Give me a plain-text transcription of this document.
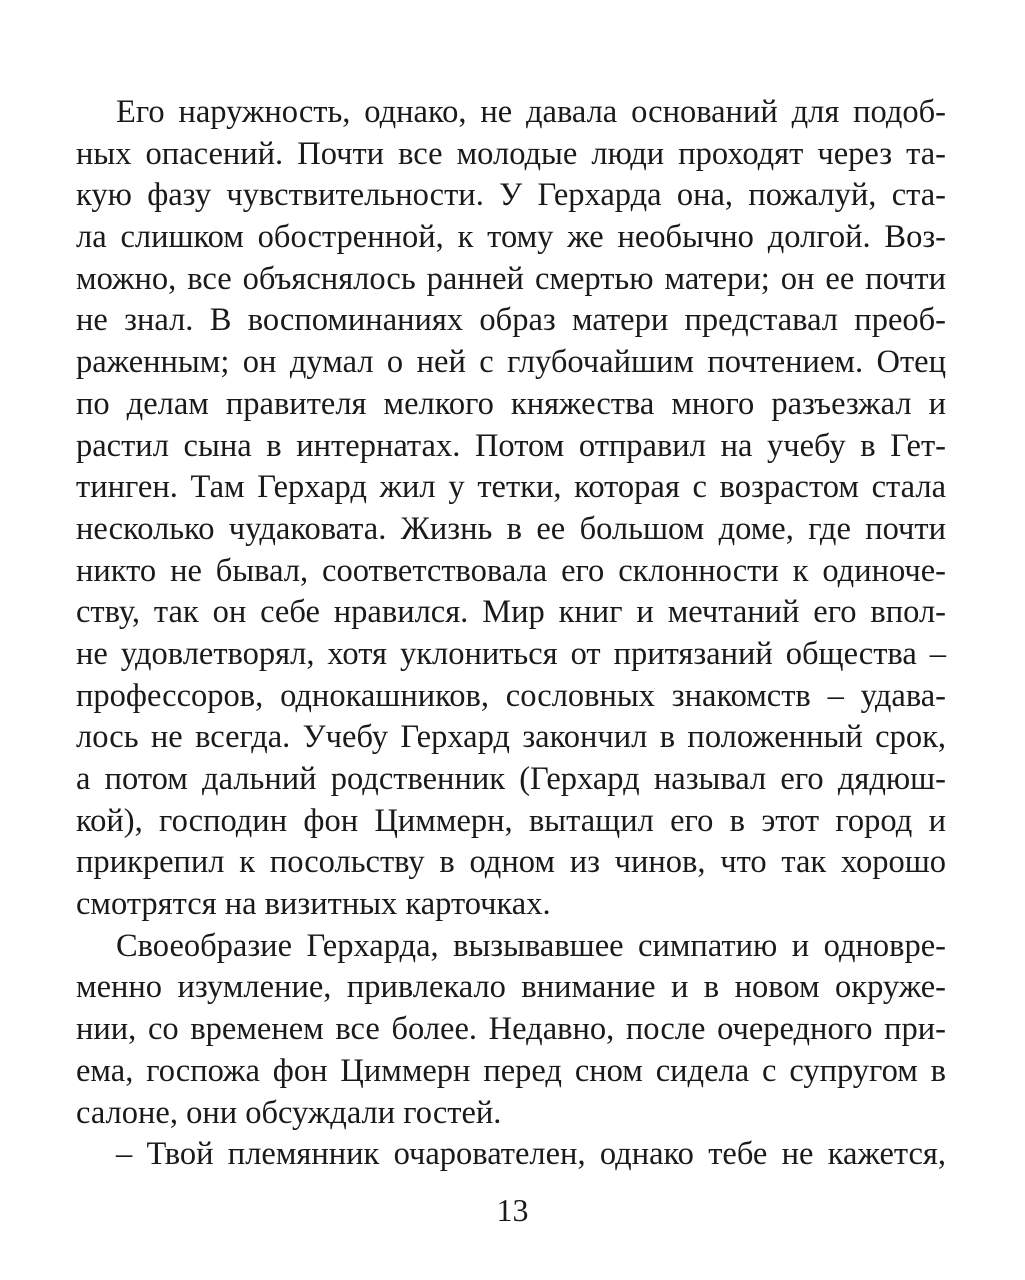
Его наружность, однако, не давала оснований для подоб-
ных опасений. Почти все молодые люди проходят через та-
кую фазу чувствительности. У Герхарда она, пожалуй, ста-
ла слишком обостренной, к тому же необычно долгой. Воз-
можно, все объяснялось ранней смертью матери; он ее почти
не знал. В воспоминаниях образ матери представал преоб-
раженным; он думал о ней с глубочайшим почтением. Отец
по делам правителя мелкого княжества много разъезжал и
растил сына в интернатах. Потом отправил на учебу в Гет-
тинген. Там Герхард жил у тетки, которая с возрастом стала
несколько чудаковата. Жизнь в ее большом доме, где почти
никто не бывал, соответствовала его склонности к одиноче-
ству, так он себе нравился. Мир книг и мечтаний его впол-
не удовлетворял, хотя уклониться от притязаний общества –
профессоров, однокашников, сословных знакомств – удава-
лось не всегда. Учебу Герхард закончил в положенный срок,
а потом дальний родственник (Герхард называл его дядюш-
кой), господин фон Циммерн, вытащил его в этот город и
прикрепил к посольству в одном из чинов, что так хорошо
смотрятся на визитных карточках.
Своеобразие Герхарда, вызывавшее симпатию и одновре-
менно изумление, привлекало внимание и в новом окруже-
нии, со временем все более. Недавно, после очередного при-
ема, госпожа фон Циммерн перед сном сидела с супругом в
салоне, они обсуждали гостей.
– Твой племянник очарователен, однако тебе не кажется,
13
